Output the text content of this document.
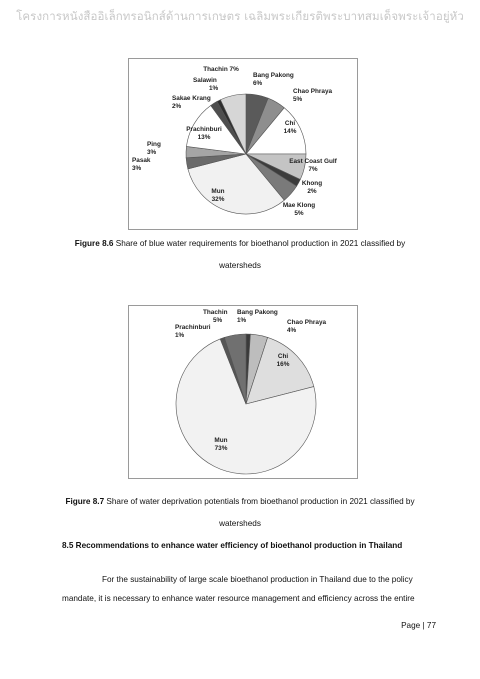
โครงการหนังสืออิเล็กทรอนิกส์ด้านการเกษตร เฉลิมพระเกียรติพระบาทสมเด็จพระเจ้าอยู่หัว
Bang Pakong 6%
Chao Phraya 5%
Chi 14%
East Coast Gulf 7%
Khong 2%
Mae Klong 5%
Mun 32%
Pasak 3%
Ping 3%
Prachinburi 13%
Sakae Krang 2%
Salawin 1%
Thachin 7%
Figure 8.6 Share of blue water requirements for bioethanol production in 2021 classified by
watersheds
Bang Pakong 1%	Chao Phraya 4%
Chi 16%
Mun 73%
Prachinburi 1%
Thachin 5%
Figure 8.7 Share of water deprivation potentials from bioethanol production in 2021 classified by
watersheds
8.5 Recommendations to enhance water efficiency of bioethanol production in Thailand
For the sustainability of large scale bioethanol production in Thailand due to the policy
mandate, it is necessary to enhance water resource management and efficiency across the entire
Page | 77
